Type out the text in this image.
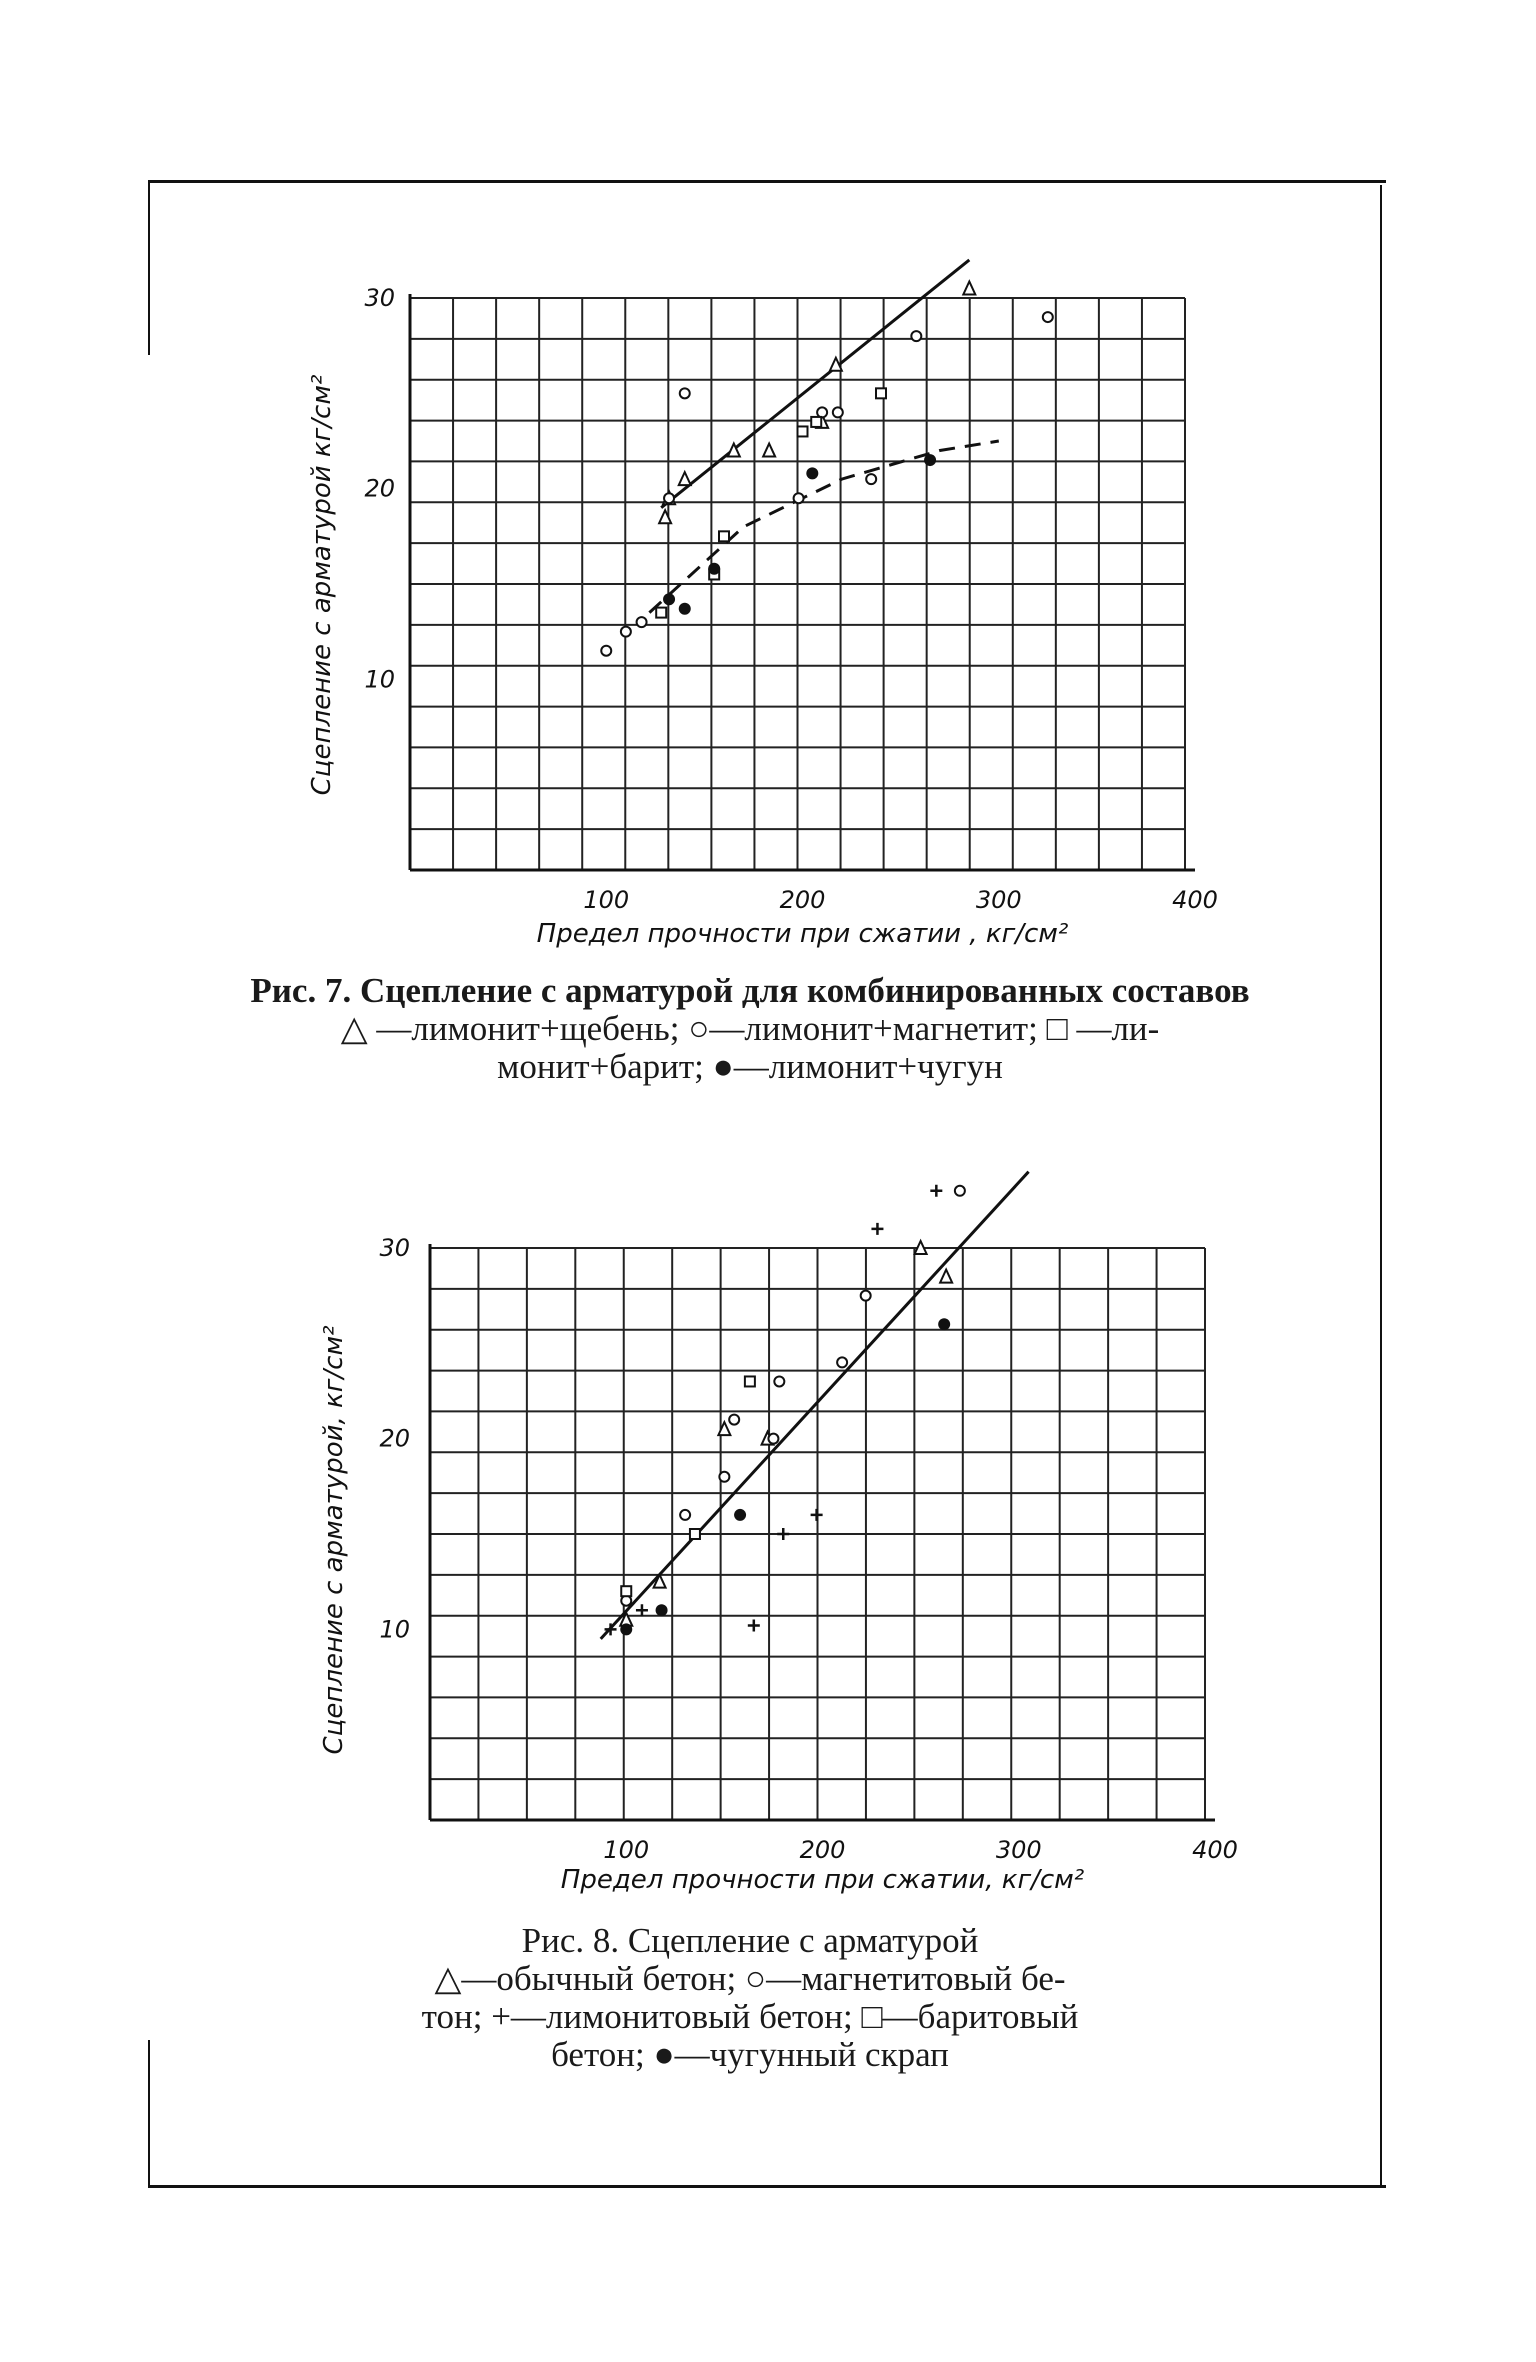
100	200	300	400
10
20
30
Предел прочности при сжатии , кг/см²
Сцепление с арматурой кг/см²
100	200	300	400
10
20
30
Предел прочности при сжатии, кг/см²
Сцепление с арматурой, кг/см²
Рис. 7. Сцепление с арматурой для комбинированных составов
△ —лимонит+щебень; ○—лимонит+магнетит; □ —ли-
монит+барит; ●—лимонит+чугун
Рис. 8. Сцепление с арматурой
△—обычный бетон; ○—магнетитовый бе-
тон; +—лимонитовый бетон; □—баритовый
бетон; ●—чугунный скрап
